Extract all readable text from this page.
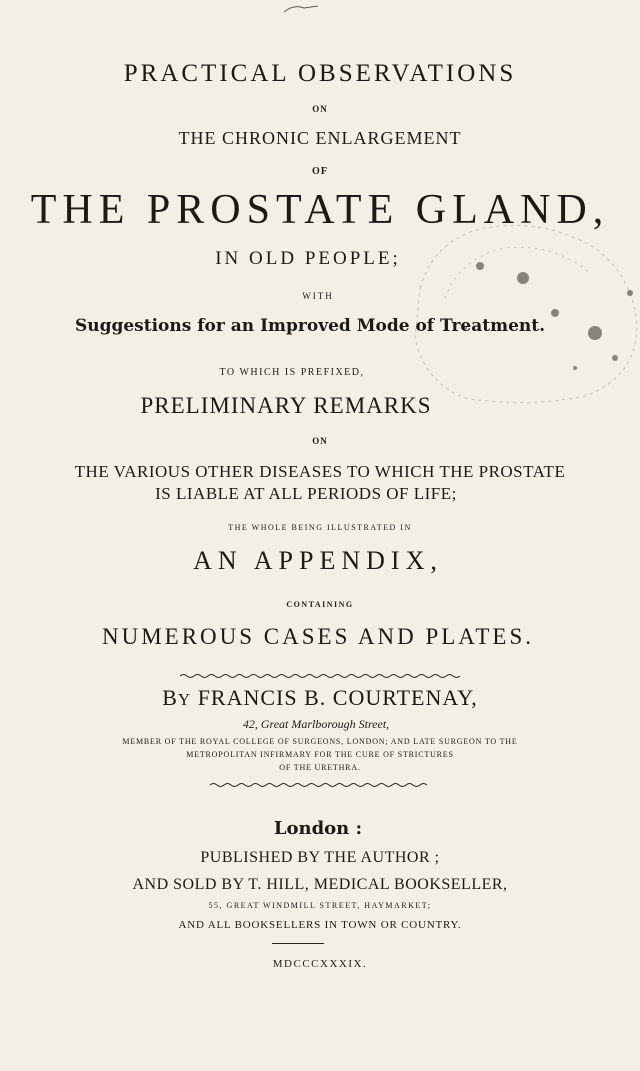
PRACTICAL OBSERVATIONS
ON
THE CHRONIC ENLARGEMENT
OF
THE PROSTATE GLAND,
IN OLD PEOPLE;
WITH
Suggestions for an Improved Mode of Treatment.
TO WHICH IS PREFIXED,
PRELIMINARY REMARKS
ON
THE VARIOUS OTHER DISEASES TO WHICH THE PROSTATE
IS LIABLE AT ALL PERIODS OF LIFE;
THE WHOLE BEING ILLUSTRATED IN
AN APPENDIX,
CONTAINING
NUMEROUS CASES AND PLATES.
BY FRANCIS B. COURTENAY,
42, Great Marlborough Street,
MEMBER OF THE ROYAL COLLEGE OF SURGEONS, LONDON; AND LATE SURGEON TO THE
METROPOLITAN INFIRMARY FOR THE CURE OF STRICTURES
OF THE URETHRA.
London :
PUBLISHED BY THE AUTHOR ;
AND SOLD BY T. HILL, MEDICAL BOOKSELLER,
55, GREAT WINDMILL STREET, HAYMARKET;
AND ALL BOOKSELLERS IN TOWN OR COUNTRY.
MDCCCXXXIX.
